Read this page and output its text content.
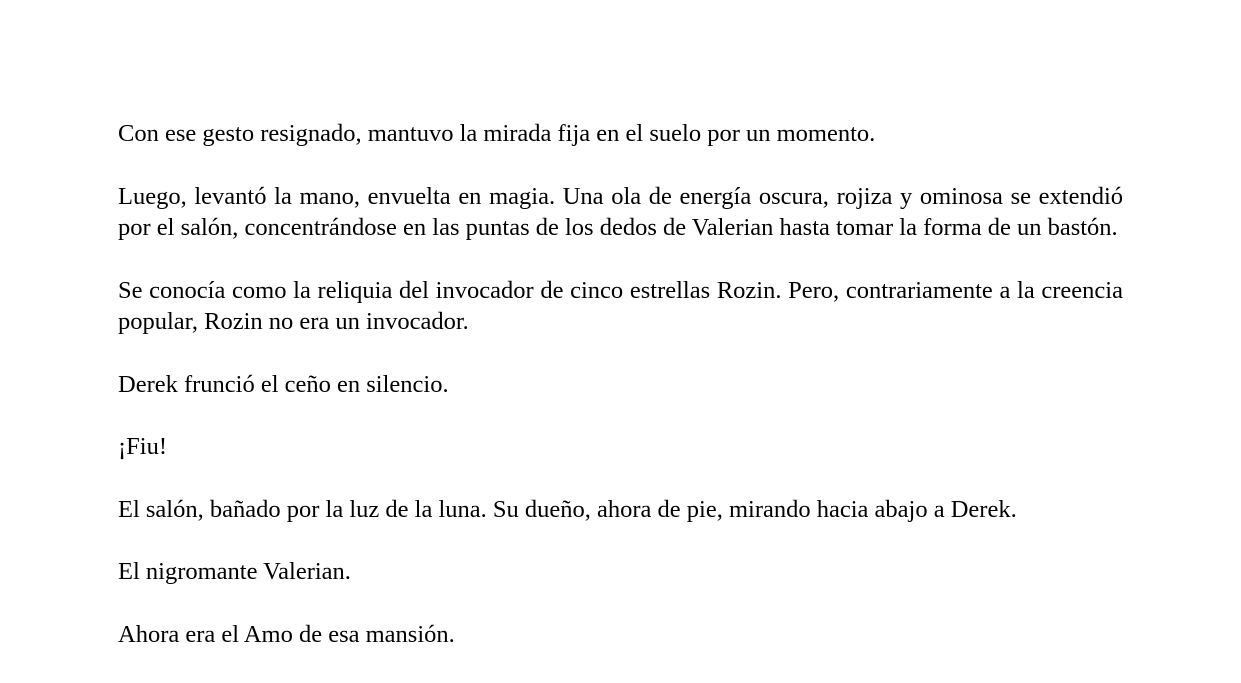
Con ese gesto resignado, mantuvo la mirada fija en el suelo por un momento.

Luego, levantó la mano, envuelta en magia. Una ola de energía oscura, rojiza y ominosa se extendió por el salón, concentrándose en las puntas de los dedos de Valerian hasta tomar la forma de un bastón.

Se conocía como la reliquia del invocador de cinco estrellas Rozin. Pero, contrariamente a la creencia popular, Rozin no era un invocador.

Derek frunció el ceño en silencio.

¡Fiu!

El salón, bañado por la luz de la luna. Su dueño, ahora de pie, mirando hacia abajo a Derek.

El nigromante Valerian.

Ahora era el Amo de esa mansión.
